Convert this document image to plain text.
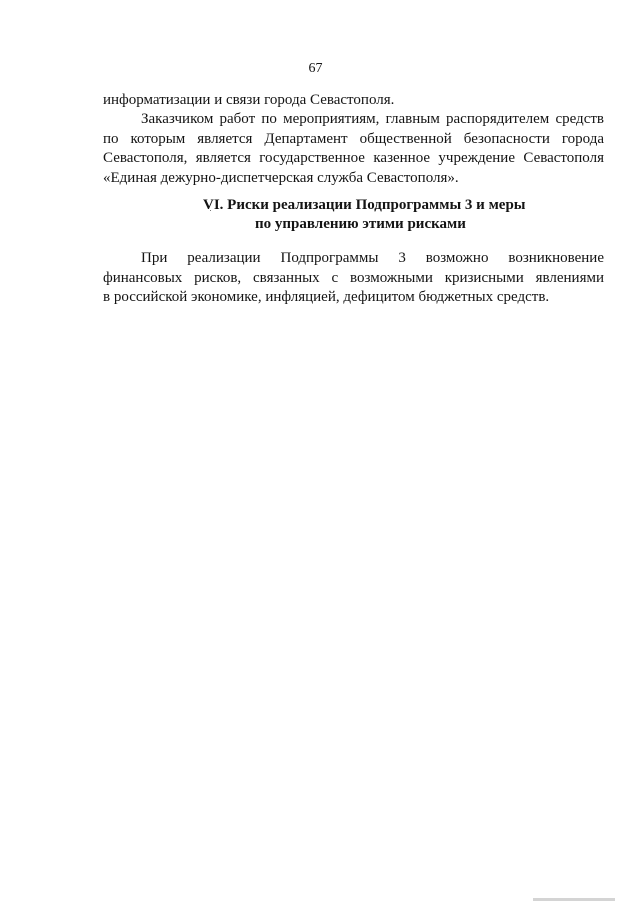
67
информатизации и связи города Севастополя.
Заказчиком работ по мероприятиям, главным распорядителем средств
по которым является Департамент общественной безопасности города
Севастополя, является государственное казенное учреждение Севастополя
«Единая дежурно-диспетчерская служба Севастополя».
VI. Риски реализации Подпрограммы 3 и меры
по управлению этими рисками
При реализации Подпрограммы 3 возможно возникновение
финансовых рисков, связанных с возможными кризисными явлениями
в российской экономике, инфляцией, дефицитом бюджетных средств.
